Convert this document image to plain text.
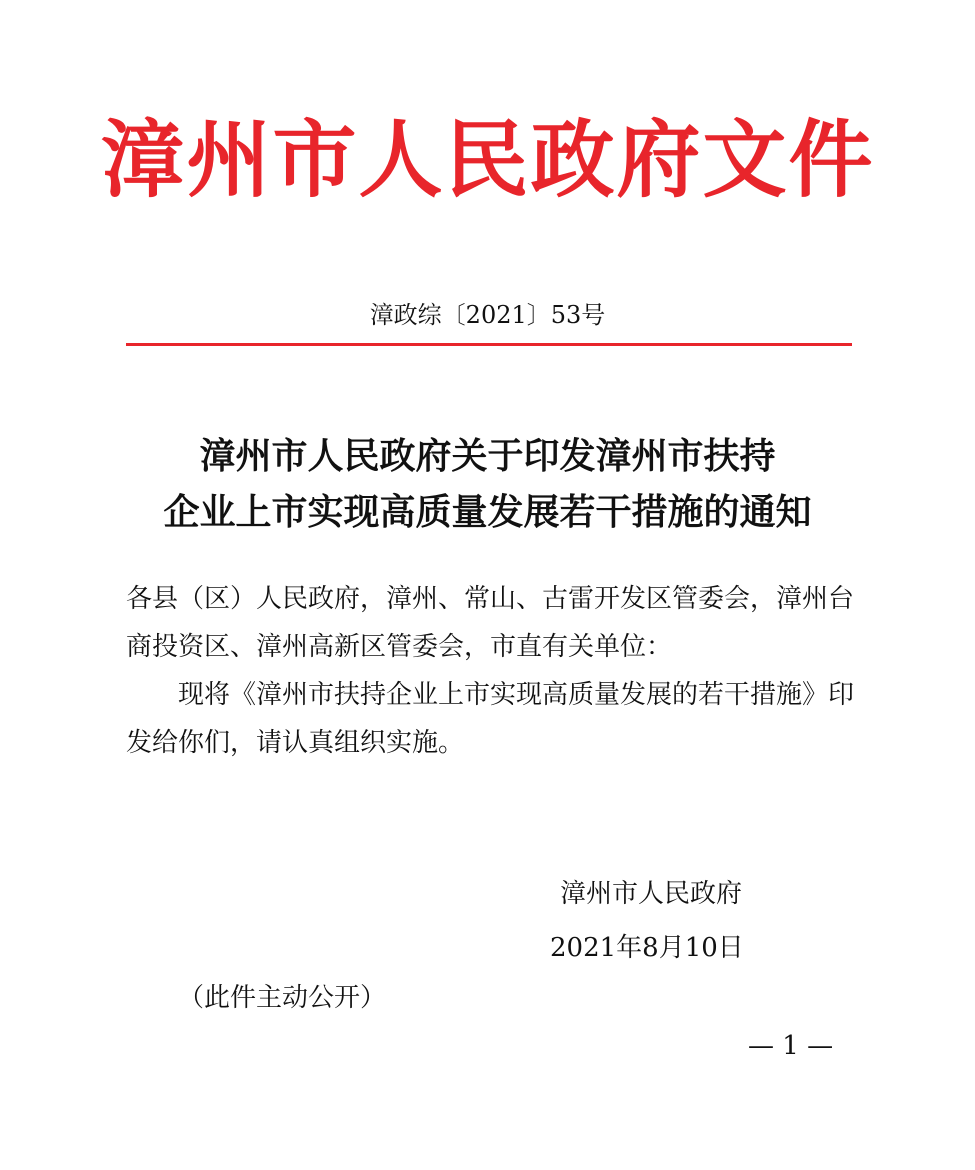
漳州市人民政府文件
漳政综〔2021〕53号
漳州市人民政府关于印发漳州市扶持
企业上市实现高质量发展若干措施的通知

各县（区）人民政府，漳州、常山、古雷开发区管委会，漳州台

商投资区、漳州高新区管委会，市直有关单位：

现将《漳州市扶持企业上市实现高质量发展的若干措施》印

发给你们，请认真组织实施。

漳州市人民政府
2021年8月10日
（此件主动公开）
— 1 —
